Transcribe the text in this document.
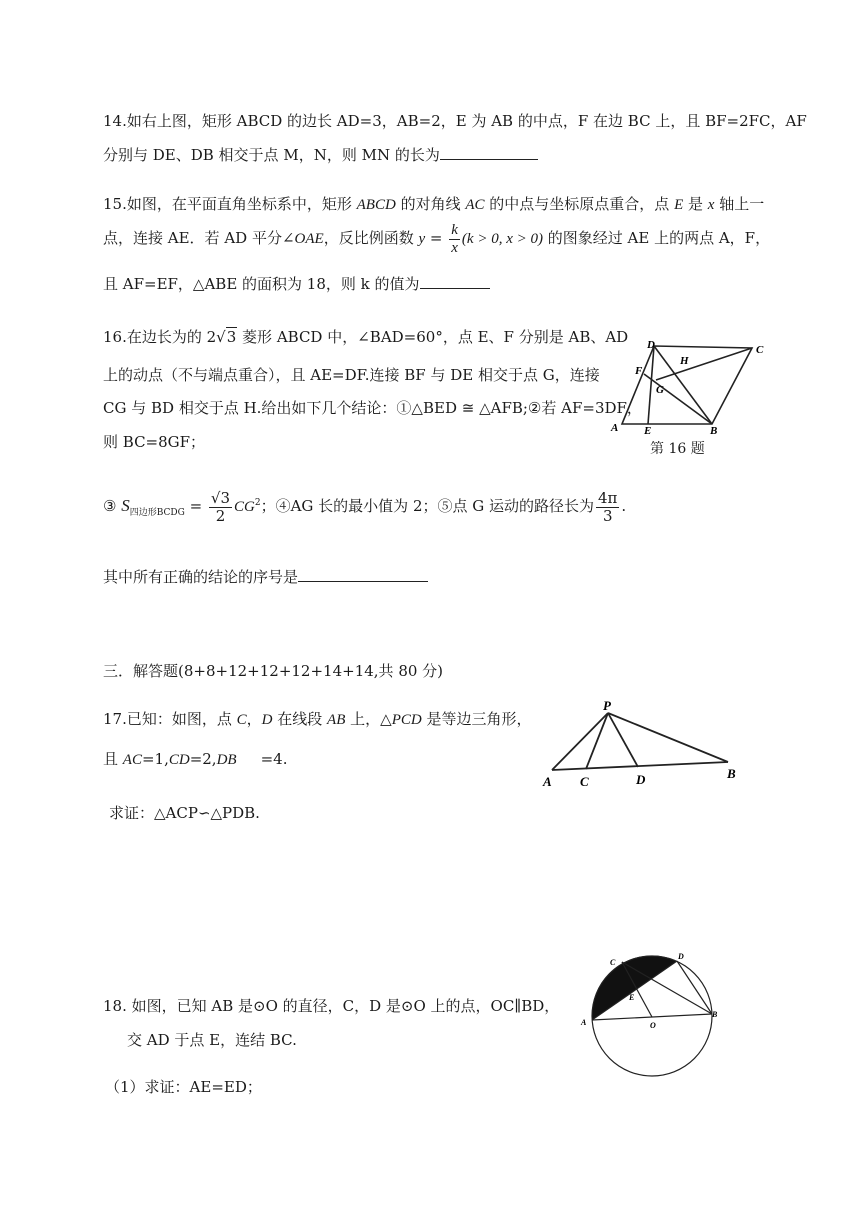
14.如右上图，矩形 ABCD 的边长 AD=3，AB=2，E 为 AB 的中点，F 在边 BC 上，且 BF=2FC，AF
分别与 DE、DB 相交于点 M，N，则 MN 的长为
15.如图，在平面直角坐标系中，矩形 ABCD 的对角线 AC 的中点与坐标原点重合，点 E 是 x 轴上一
点，连接 AE．若 AD 平分∠OAE，反比例函数 $y = \frac{k}{x} (k > 0$, x > 0) 的图象经过 AE 上的两点 A，F，
且 AF=EF，△ABE 的面积为 18，则 k 的值为
16.在边长为的 2√3 菱形 ABCD 中，∠BAD=60°，点 E、F 分别是 AB、AD
上的动点（不与端点重合），且 AE=DF.连接 BF 与 DE 相交于点 G，连接
CG 与 BD 相交于点 H.给出如下几个结论：①△BED ≅ △AFB;②若 AF=3DF，
则 BC=8GF；
③ $S_{四边形BCDG} = \frac{√3}{2} CG^2$；④AG 长的最小值为 2；⑤点 G 运动的路径长为 $\frac{4\pi}{3}$ .
其中所有正确的结论的序号是
D	C
A	B
E
F
G
H
第 16 题
三．解答题(8+8+12+12+12+14+14,共 80 分)
17.已知：如图，点 C，D 在线段 AB 上，△PCD 是等边三角形，
且 AC=1,CD=2,DB =4.
求证：△ACP∽△PDB.
P
A C	D	B
18. 如图，已知 AB 是⊙O 的直径，C，D 是⊙O 上的点，OC∥BD，
交 AD 于点 E，连结 BC.
（1）求证：AE=ED；
C
D
A
B
E
O
